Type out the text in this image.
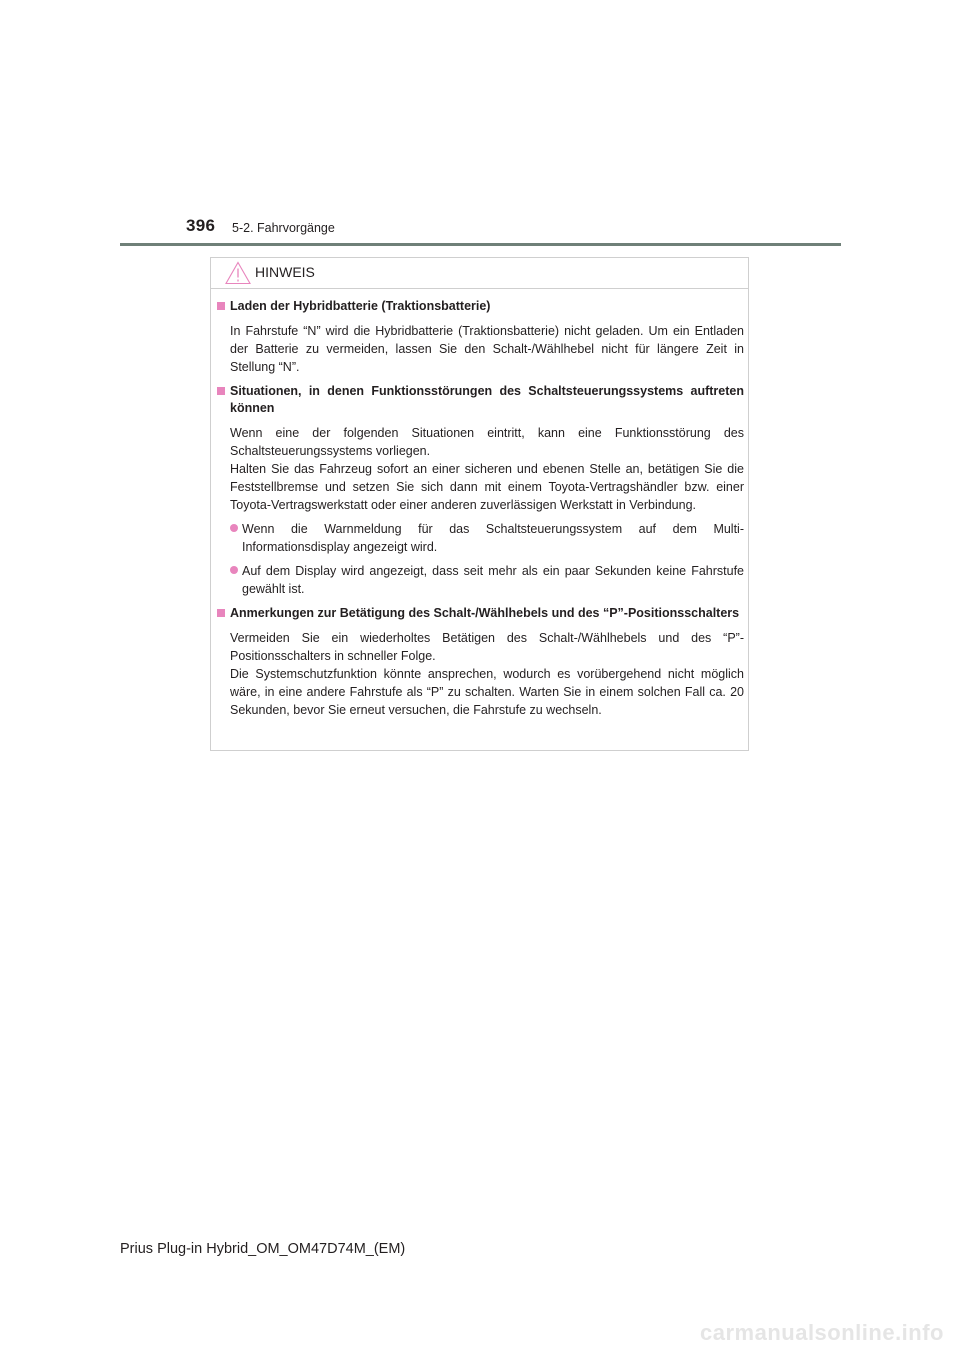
396 5-2. Fahrvorgänge
HINWEIS
Laden der Hybridbatterie (Traktionsbatterie)
In Fahrstufe “N” wird die Hybridbatterie (Traktionsbatterie) nicht geladen. Um ein Entladen der Batterie zu vermeiden, lassen Sie den Schalt-/Wählhebel nicht für längere Zeit in Stellung “N”.
Situationen, in denen Funktionsstörungen des Schaltsteuerungssystems auftreten können
Wenn eine der folgenden Situationen eintritt, kann eine Funktionsstörung des Schaltsteuerungssystems vorliegen.
Halten Sie das Fahrzeug sofort an einer sicheren und ebenen Stelle an, betätigen Sie die Feststellbremse und setzen Sie sich dann mit einem Toyota-Vertragshändler bzw. einer Toyota-Vertragswerkstatt oder einer anderen zuverlässigen Werkstatt in Verbindung.
Wenn die Warnmeldung für das Schaltsteuerungssystem auf dem Multi-Informationsdisplay angezeigt wird.
Auf dem Display wird angezeigt, dass seit mehr als ein paar Sekunden keine Fahrstufe gewählt ist.
Anmerkungen zur Betätigung des Schalt-/Wählhebels und des “P”-Positionsschalters
Vermeiden Sie ein wiederholtes Betätigen des Schalt-/Wählhebels und des “P”-Positionsschalters in schneller Folge.
Die Systemschutzfunktion könnte ansprechen, wodurch es vorübergehend nicht möglich wäre, in eine andere Fahrstufe als “P” zu schalten. Warten Sie in einem solchen Fall ca. 20 Sekunden, bevor Sie erneut versuchen, die Fahrstufe zu wechseln.
Prius Plug-in Hybrid_OM_OM47D74M_(EM)
carmanualsonline.info
